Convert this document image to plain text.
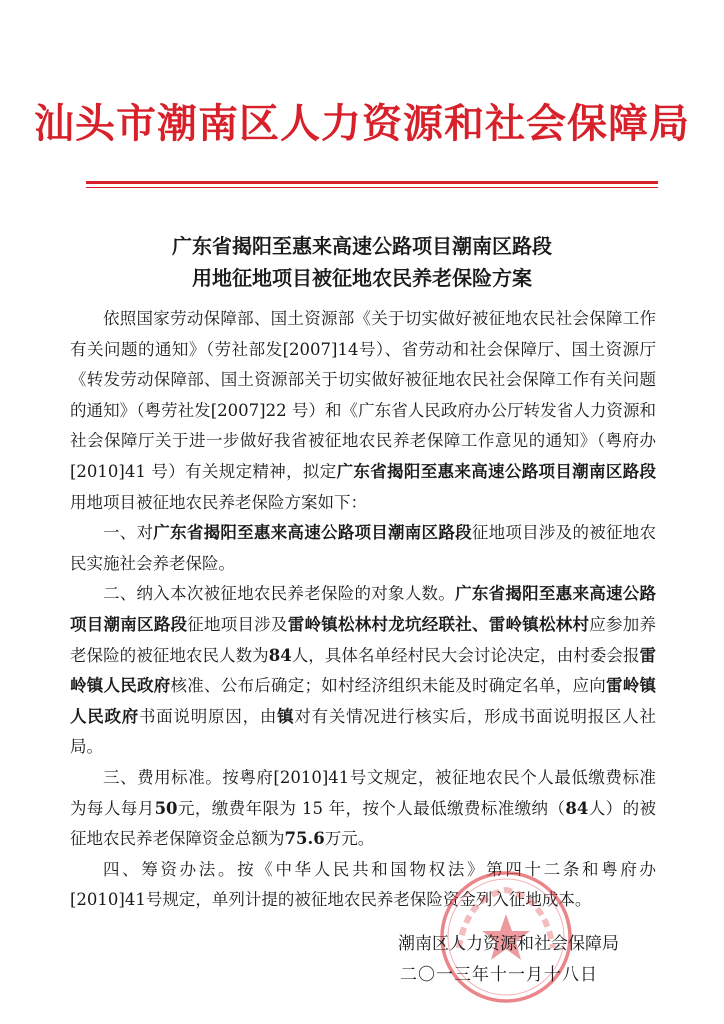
汕头市潮南区人力资源和社会保障局
广东省揭阳至惠来高速公路项目潮南区路段
用地征地项目被征地农民养老保险方案

依照国家劳动保障部、国土资源部《关于切实做好被征地农民社会保障工作有关问题的通知》（劳社部发[2007]14号）、省劳动和社会保障厅、国土资源厅《转发劳动保障部、国土资源部关于切实做好被征地农民社会保障工作有关问题的通知》（粤劳社发[2007]22 号）和《广东省人民政府办公厅转发省人力资源和社会保障厅关于进一步做好我省被征地农民养老保障工作意见的通知》（粤府办[2010]41 号）有关规定精神，拟定广东省揭阳至惠来高速公路项目潮南区路段用地项目被征地农民养老保险方案如下：

一、对广东省揭阳至惠来高速公路项目潮南区路段征地项目涉及的被征地农民实施社会养老保险。

二、纳入本次被征地农民养老保险的对象人数。广东省揭阳至惠来高速公路项目潮南区路段征地项目涉及雷岭镇松林村龙坑经联社、雷岭镇松林村应参加养老保险的被征地农民人数为84人，具体名单经村民大会讨论决定，由村委会报雷岭镇人民政府核准、公布后确定；如村经济组织未能及时确定名单，应向雷岭镇人民政府书面说明原因，由镇对有关情况进行核实后，形成书面说明报区人社局。

三、费用标准。按粤府[2010]41号文规定，被征地农民个人最低缴费标准为每人每月50元，缴费年限为 15 年，按个人最低缴费标准缴纳（84人）的被征地农民养老保障资金总额为75.6万元。

四、筹资办法。按《中华人民共和国物权法》第四十二条和粤府办[2010]41号规定，单列计提的被征地农民养老保险资金列入征地成本。

潮南区人力资源和社会保障局
二〇一三年十一月十八日
